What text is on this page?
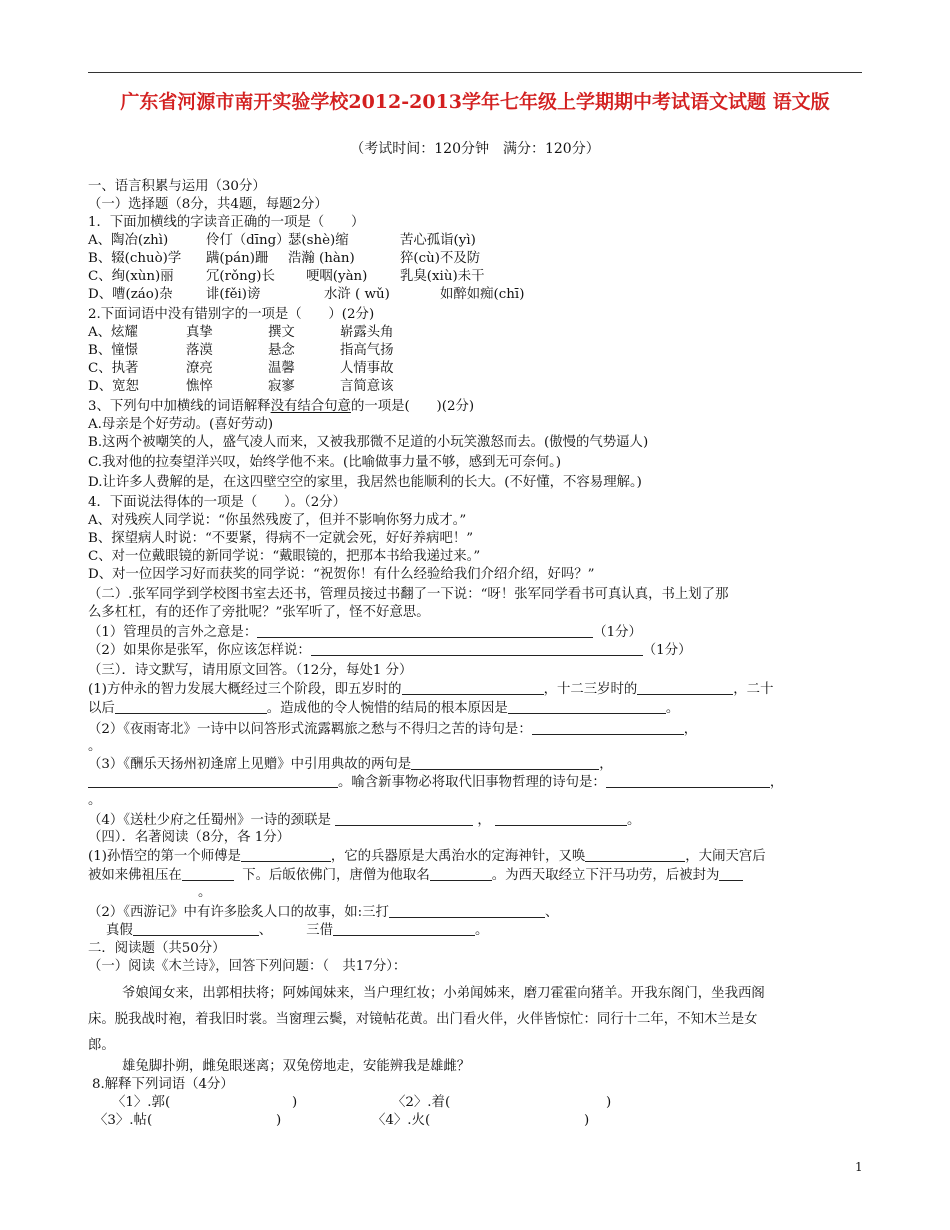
广东省河源市南开实验学校2012-2013学年七年级上学期期中考试语文试题 语文版
（考试时间：120分钟　满分：120分）
一、语言积累与运用（30分）
（一）选择题（8分，共4题，每题2分）
1．下面加横线的字读音正确的一项是（　　）
A、陶冶(zhì)	伶仃（dīng）瑟(shè)缩	苦心孤诣(yì)
B、辍(chuò)学 蹒(pán)跚 浩瀚 (hàn)	猝(cù)不及防
C、绚(xùn)丽 冗(rǒng)长 哽咽(yàn) 乳臭(xiù)未干
D、嘈(záo)杂	诽(fěi)谤	水浒 ( wǔ)	如醉如痴(chī)
2.下面词语中没有错别字的一项是（　　）(2分)
A、炫耀	真挚	撰文	崭露头角
B、憧憬	落漠	悬念	指高气扬
C、执著	潦亮	温馨	人情事故
D、宽恕	憔悴	寂寥	言简意该
3、下列句中加横线的词语解释没有结合句意的一项是(　　)(2分)
A.母亲是个好劳动。(喜好劳动)
B.这两个被嘲笑的人，盛气凌人而来，又被我那微不足道的小玩笑激怒而去。(傲慢的气势逼人)
C.我对他的拉奏望洋兴叹，始终学他不来。(比喻做事力量不够，感到无可奈何。)
D.让许多人费解的是，在这四壁空空的家里，我居然也能顺利的长大。(不好懂，不容易理解。)
4．下面说法得体的一项是（　　）。（2分）
A、对残疾人同学说：“你虽然残废了，但并不影响你努力成才。”
B、探望病人时说：“不要紧，得病不一定就会死，好好养病吧！”
C、对一位戴眼镜的新同学说：“戴眼镜的，把那本书给我递过来。”
D、对一位因学习好而获奖的同学说：“祝贺你！有什么经验给我们介绍介绍，好吗？”
（二）.张军同学到学校图书室去还书，管理员接过书翻了一下说：“呀！张军同学看书可真认真，书上划了那
么多杠杠，有的还作了旁批呢？”张军听了，怪不好意思。
（1）管理员的言外之意是：	（1分）
（2）如果你是张军，你应该怎样说：	（1分）
（三）．诗文默写，请用原文回答。（12分，每处1 分）
(1)方仲永的智力发展大概经过三个阶段，即五岁时的	，十二三岁时的	，二十
以后	。造成他的令人惋惜的结局的根本原因是	。
（2）《夜雨寄北》一诗中以问答形式流露羁旅之愁与不得归之苦的诗句是：	，
。
（3）《酬乐天扬州初逢席上见赠》中引用典故的两句是	，
。喻含新事物必将取代旧事物哲理的诗句是：	，
。
（4）《送杜少府之任蜀州》一诗的颈联是	，	。
（四）．名著阅读（8分，各 1分）
(1)孙悟空的第一个师傅是	，它的兵器原是大禹治水的定海神针，又唤	，大闹天宫后
被如来佛祖压在	下。后皈依佛门，唐僧为他取名	。为西天取经立下汗马功劳，后被封为
。
（2）《西游记》中有许多脍炙人口的故事，如:三打	、
真假	、	三借	。
二．阅读题（共50分）
（一）阅读《木兰诗》，回答下列问题：（　共17分）：
爷娘闻女来，出郭相扶将；阿姊闻妹来，当户理红妆；小弟闻姊来，磨刀霍霍向猪羊。开我东阁门，坐我西阁
床。脱我战时袍，着我旧时裳。当窗理云鬓，对镜帖花黄。出门看火伴，火伴皆惊忙：同行十二年，不知木兰是女
郎。
雄兔脚扑朔，雌兔眼迷离；双兔傍地走，安能辨我是雄雌？
8.解释下列词语（4分）
〈1〉.郭(	)	〈2〉.着(	)
〈3〉.帖(	)	〈4〉.火(	)
1
